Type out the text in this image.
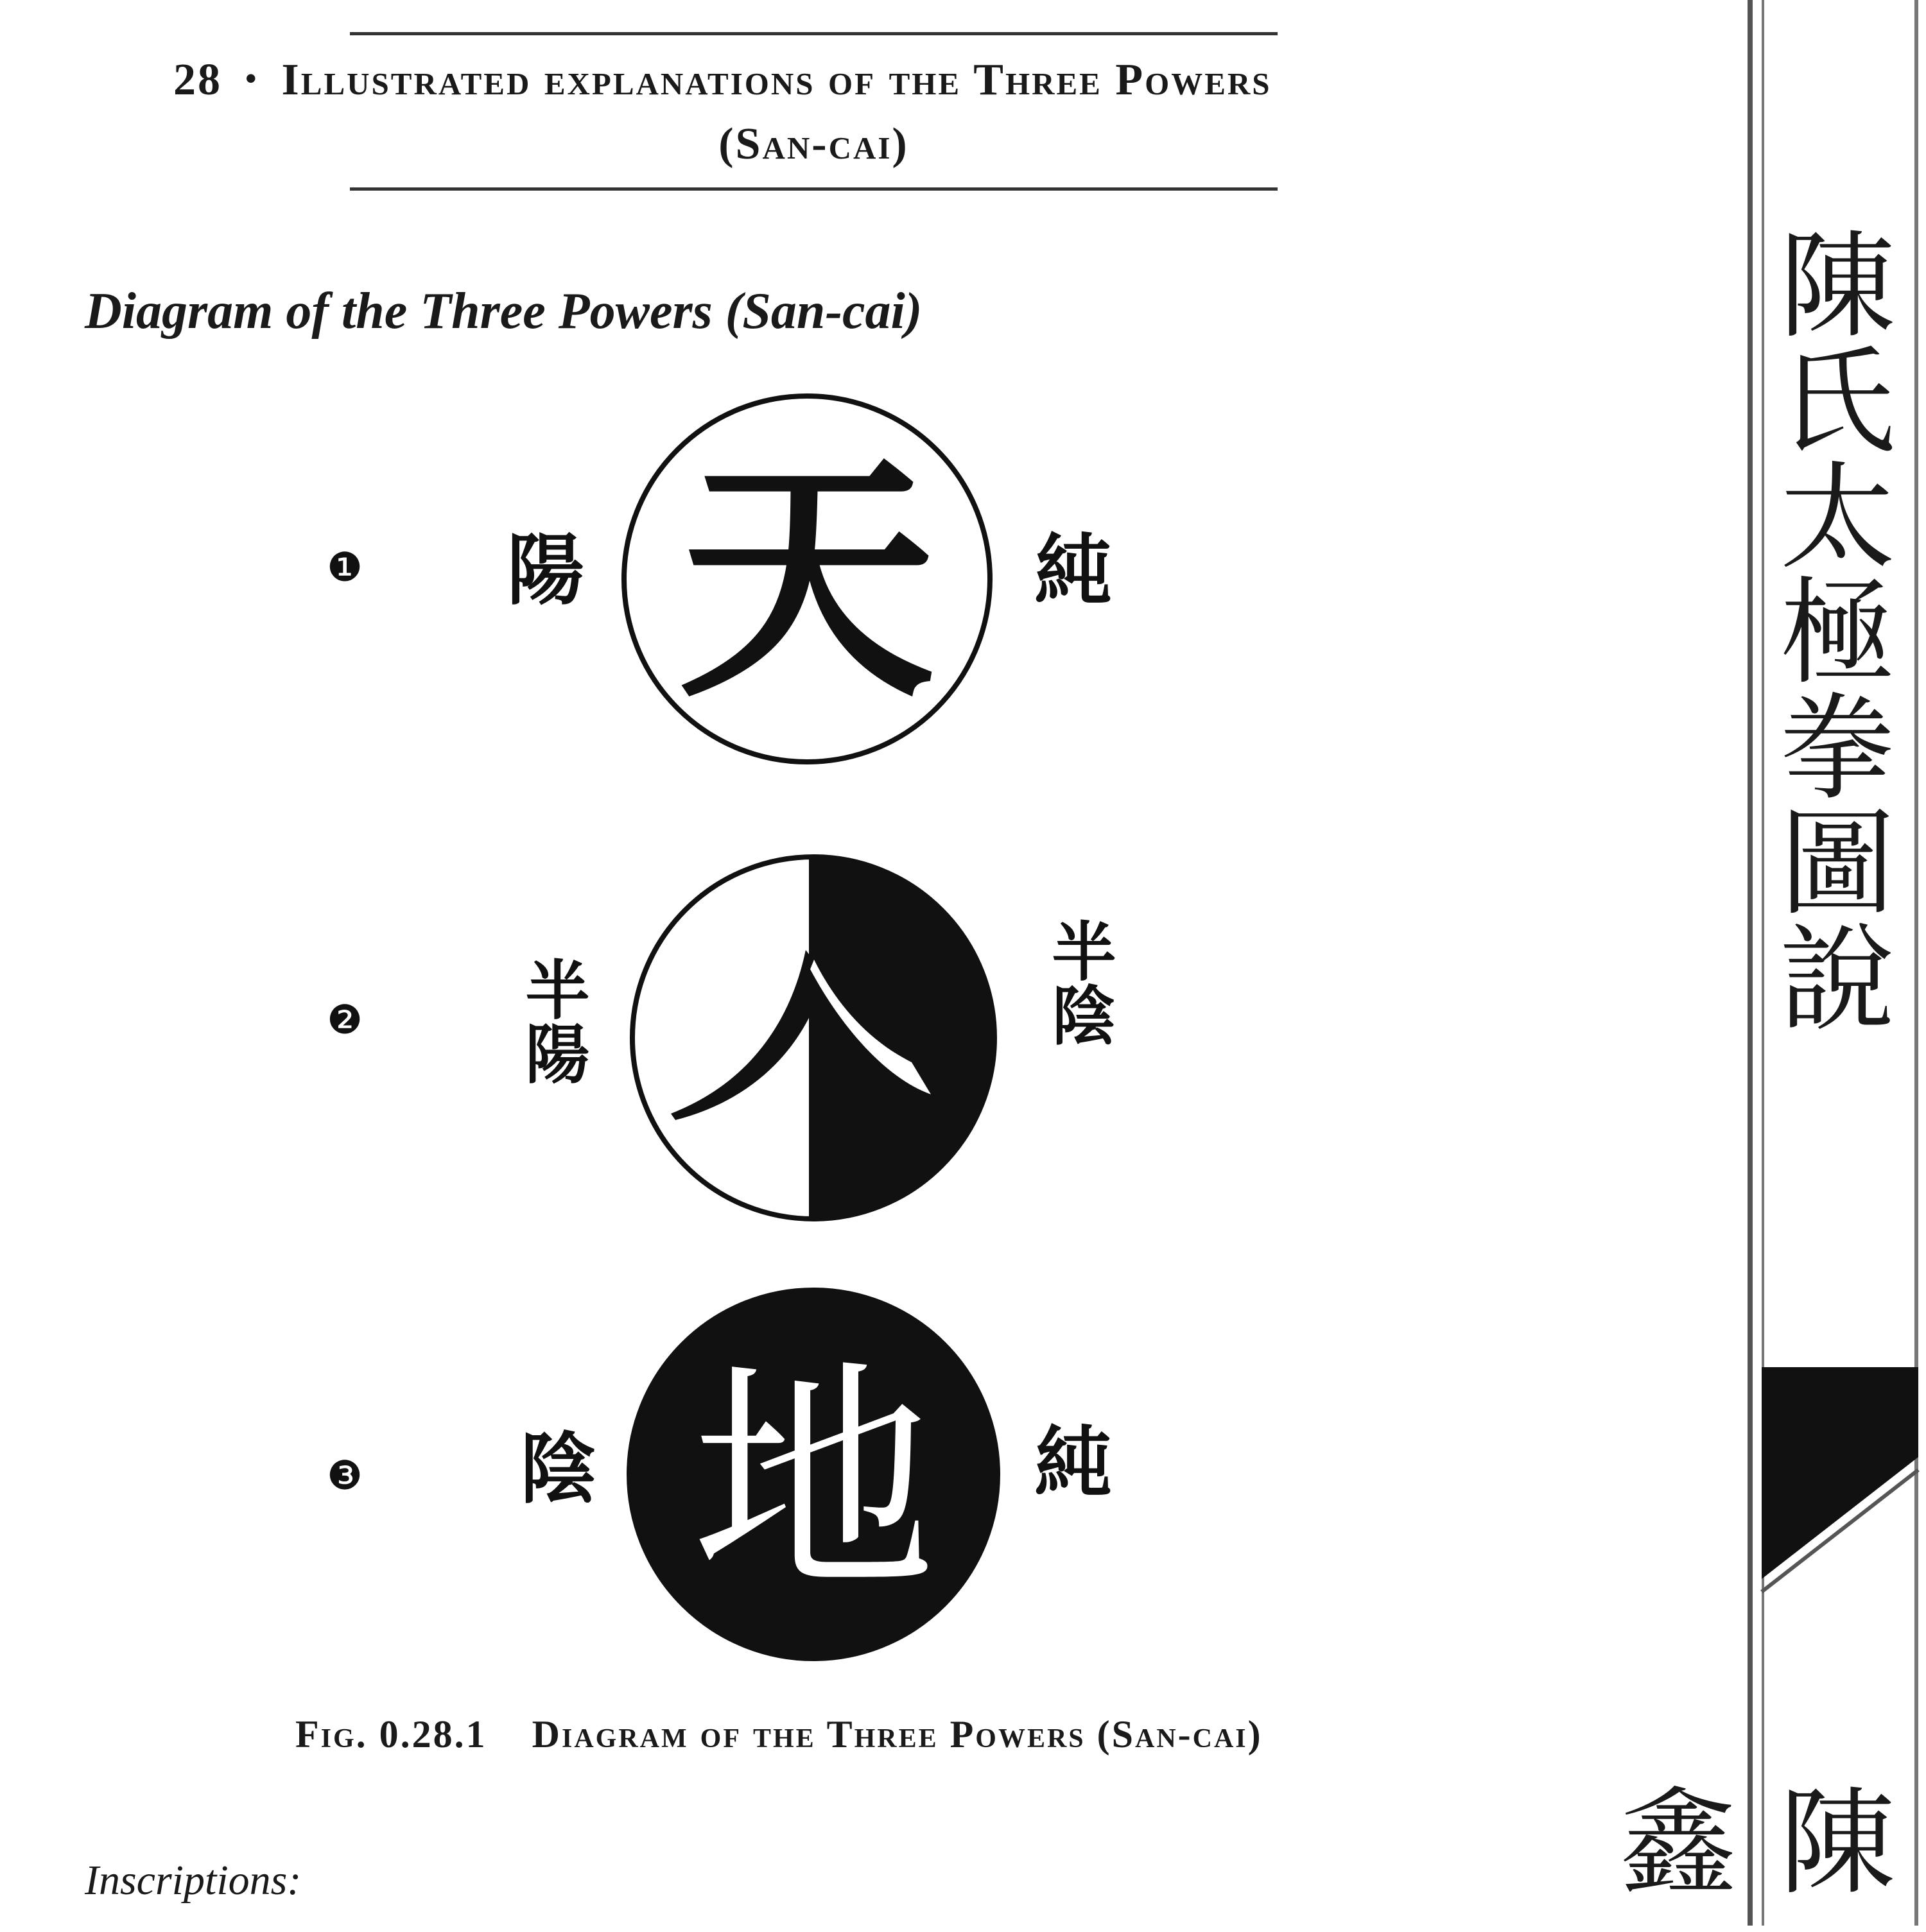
28 • Illustrated explanations of the Three Powers
(San-cai)
Diagram of the Three Powers (San-cai)
❶ 陽 天 純
❷ 半陽	半陰
❸ 陰 地 純
Fig. 0.28.1 Diagram of the Three Powers (San-cai)
Inscriptions:
陳氏太極拳圖說
陳鑫
